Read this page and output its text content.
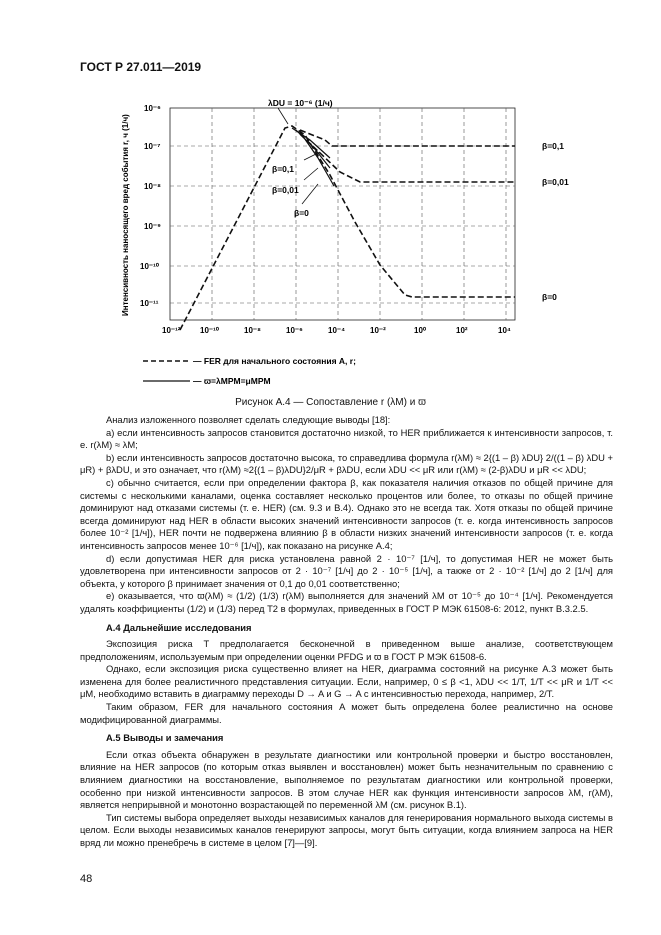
ГОСТ Р 27.011—2019
10⁻⁶
10⁻⁷
10⁻⁸
10⁻⁹
10⁻¹⁰
10⁻¹¹
10⁻¹² 10⁻¹⁰	10⁻⁸	10⁻⁶	10⁻⁴	10⁻²	10⁰	10²	10⁴
Интенсивность наносящего вред события r, ч (1/ч)
λDU = 10⁻⁶ (1/ч)
β=0,1
β=0,01
β=0
β=0,1
β=0,01
β=0
— FER для начального состояния A, r;
— ϖ=λMPM=μMPM
Рисунок А.4 — Сопоставление r (λM) и ϖ

Анализ изложенного позволяет сделать следующие выводы [18]:

a) если интенсивность запросов становится достаточно низкой, то HER приближается к интенсивности запросов, т. е. r(λM) ≈ λM;

b) если интенсивность запросов достаточно высока, то справедлива формула r(λM) ≈ 2{(1 – β) λDU} 2/((1 – β) λDU + μR) + βλDU, и это означает, что r(λM) ≈2{(1 – β)λDU}2/μR + βλDU, если λDU << μR или r(λM) ≈ (2-β)λDU и μR << λDU;

c) обычно считается, если при определении фактора β, как показателя наличия отказов по общей причине для системы с несколькими каналами, оценка составляет несколько процентов или более, то отказы по общей причине доминируют над отказами системы (т. е. HER) (см. 9.3 и В.4). Однако это не всегда так. Хотя отказы по общей причине всегда доминируют над HER в области высоких значений интенсивности запросов (т. е. когда интенсивность запросов более 10⁻² [1/ч]), HER почти не подвержена влиянию β в области низких значений интенсивности запросов (т. е. когда интенсивность запросов менее 10⁻⁶ [1/ч]), как показано на рисунке А.4;

d) если допустимая HER для риска установлена равной 2 · 10⁻⁷ [1/ч], то допустимая HER не может быть удовлетворена при интенсивности запросов от 2 · 10⁻⁷ [1/ч] до 2 · 10⁻⁵ [1/ч], а также от 2 · 10⁻² [1/ч] до 2 [1/ч] для объекта, у которого β принимает значения от 0,1 до 0,01 соответственно;

e) оказывается, что ϖ(λM) ≈ (1/2) (1/3) r(λM) выполняется для значений λM от 10⁻⁵ до 10⁻⁴ [1/ч]. Рекомендуется удалять коэффициенты (1/2) и (1/3) перед T2 в формулах, приведенных в ГОСТ Р МЭК 61508-6: 2012, пункт В.3.2.5.

А.4 Дальнейшие исследования

Экспозиция риска T предполагается бесконечной в приведенном выше анализе, соответствующем предположениям, используемым при определении оценки PFDG и ϖ в ГОСТ Р МЭК 61508-6.

Однако, если экспозиция риска существенно влияет на HER, диаграмма состояний на рисунке А.3 может быть изменена для более реалистичного представления ситуации. Если, например, 0 ≤ β <1, λDU << 1/T, 1/T << μR и 1/T << μM, необходимо вставить в диаграмму переходы D → A и G → A с интенсивностью перехода, например, 2/T.

Таким образом, FER для начального состояния A может быть определена более реалистично на основе модифицированной диаграммы.

А.5 Выводы и замечания

Если отказ объекта обнаружен в результате диагностики или контрольной проверки и быстро восстановлен, влияние на HER запросов (по которым отказ выявлен и восстановлен) может быть незначительным по сравнению с влиянием диагностики на восстановление, выполняемое по результатам диагностики или контрольной проверки, особенно при низкой интенсивности запросов. В этом случае HER как функция интенсивности запросов λM, r(λM), является неприрывной и монотонно возрастающей по переменной λM (см. рисунок В.1).

Тип системы выбора определяет выходы независимых каналов для генерирования нормального выхода системы в целом. Если выходы независимых каналов генерируют запросы, могут быть ситуации, когда влиянием запроса на HER вряд ли можно пренебречь в системе в целом [7]—[9].

48
